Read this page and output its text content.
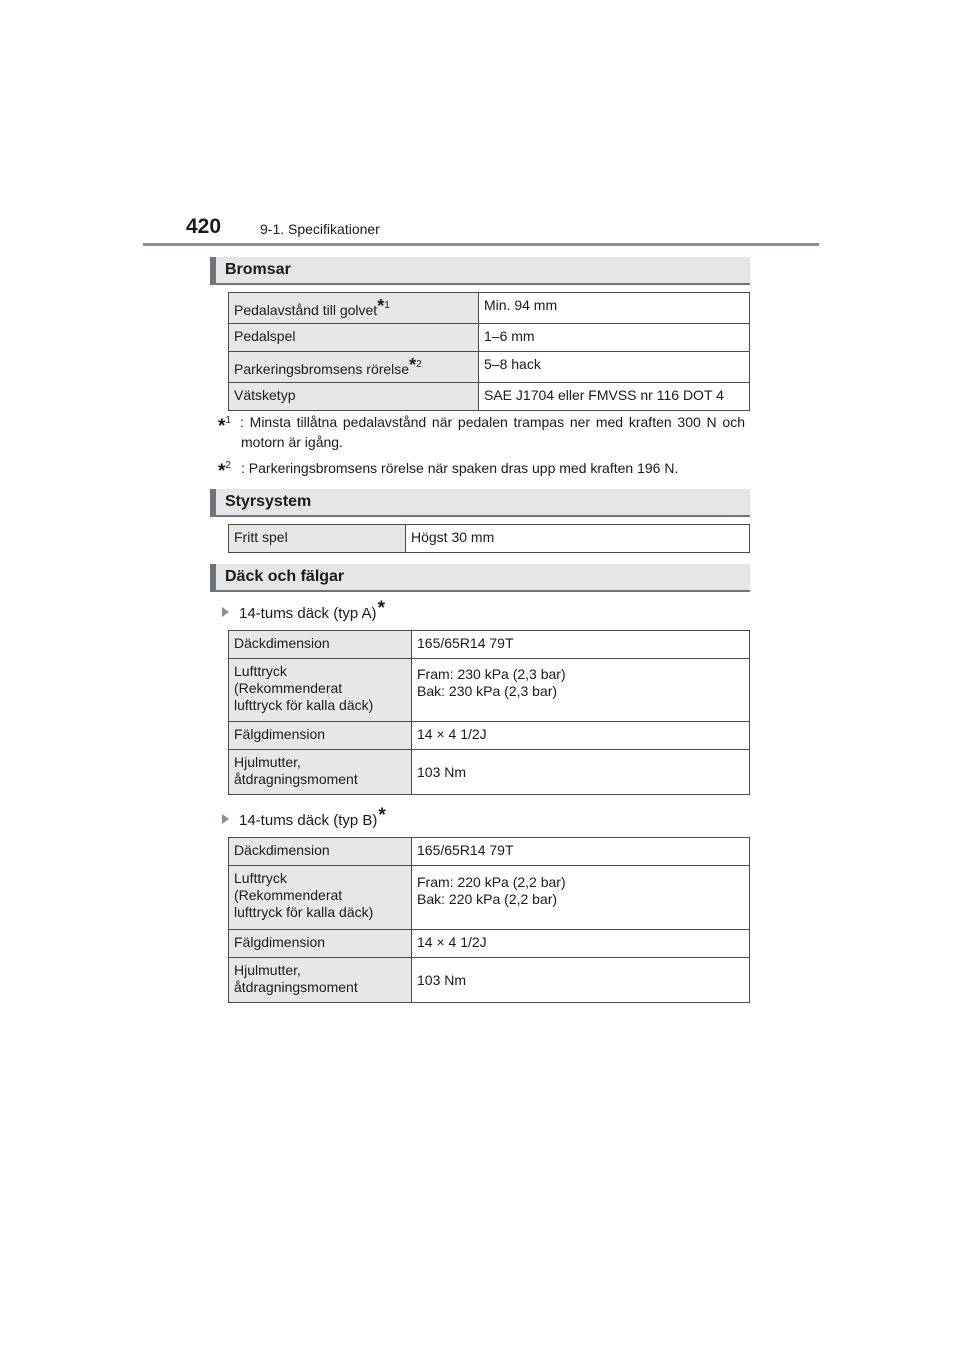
420	9-1. Specifikationer
Bromsar
Pedalavstånd till golvet*$^1$	Min. 94 mm
Pedalspel	1–6 mm
Parkeringsbromsens rörelse*$^2$	5–8 hack
Vätsketyp	SAE J1704 eller FMVSS nr 116 DOT 4
*$^1$ : Minsta tillåtna pedalavstånd när pedalen trampas ner med kraften 300 N och motorn är igång.
*$^2$ : Parkeringsbromsens rörelse när spaken dras upp med kraften 196 N.
Styrsystem
Fritt spel	Högst 30 mm
Däck och fälgar
14-tums däck (typ A)*
Däckdimension	165/65R14 79T
Lufttryck
(Rekommenderat
lufttryck för kalla däck)	Fram: 230 kPa (2,3 bar)
Bak: 230 kPa (2,3 bar)
Fälgdimension	14 × 4 1/2J
Hjulmutter,
åtdragningsmoment	103 Nm
14-tums däck (typ B)*
Däckdimension	165/65R14 79T
Lufttryck
(Rekommenderat
lufttryck för kalla däck)	Fram: 220 kPa (2,2 bar)
Bak: 220 kPa (2,2 bar)
Fälgdimension	14 × 4 1/2J
Hjulmutter,
åtdragningsmoment	103 Nm
